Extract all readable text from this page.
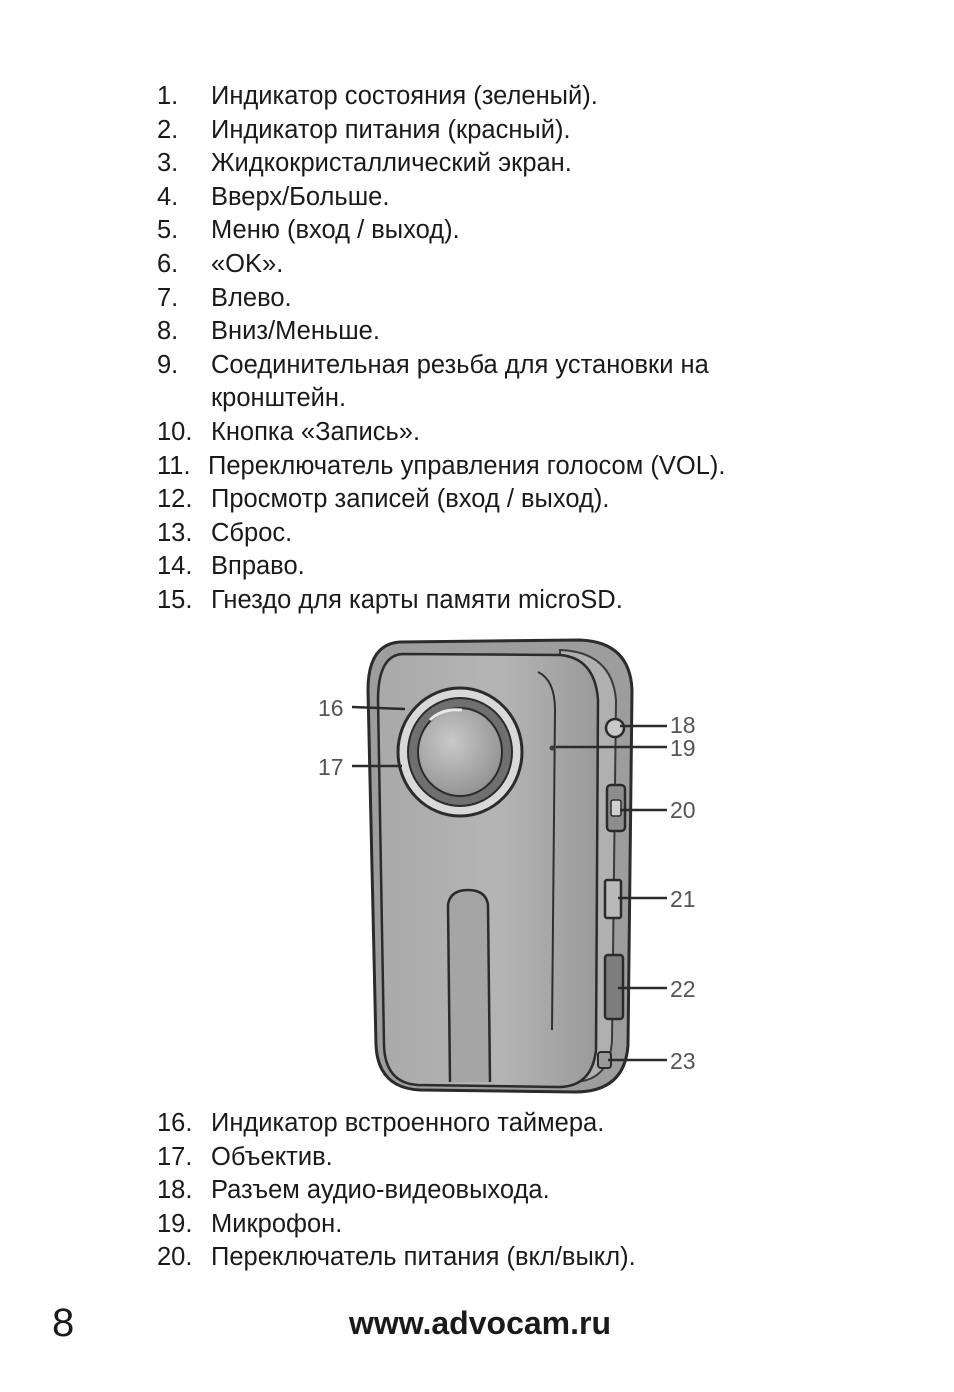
1. Индикатор состояния (зеленый).
2. Индикатор питания (красный).
3. Жидкокристаллический экран.
4. Вверх/Больше.
5. Меню (вход / выход).
6. «OK».
7. Влево.
8. Вниз/Меньше.
9. Соединительная резьба для установки на кронштейн.
10. Кнопка «Запись».
11. Переключатель управления голосом (VOL).
12. Просмотр записей (вход / выход).
13. Сброс.
14. Вправо.
15. Гнездо для карты памяти microSD.
16
17
18
19
20
21
22
23
16. Индикатор встроенного таймера.
17. Объектив.
18. Разъем аудио-видеовыхода.
19. Микрофон.
20. Переключатель питания (вкл/выкл).
8	www.advocam.ru
